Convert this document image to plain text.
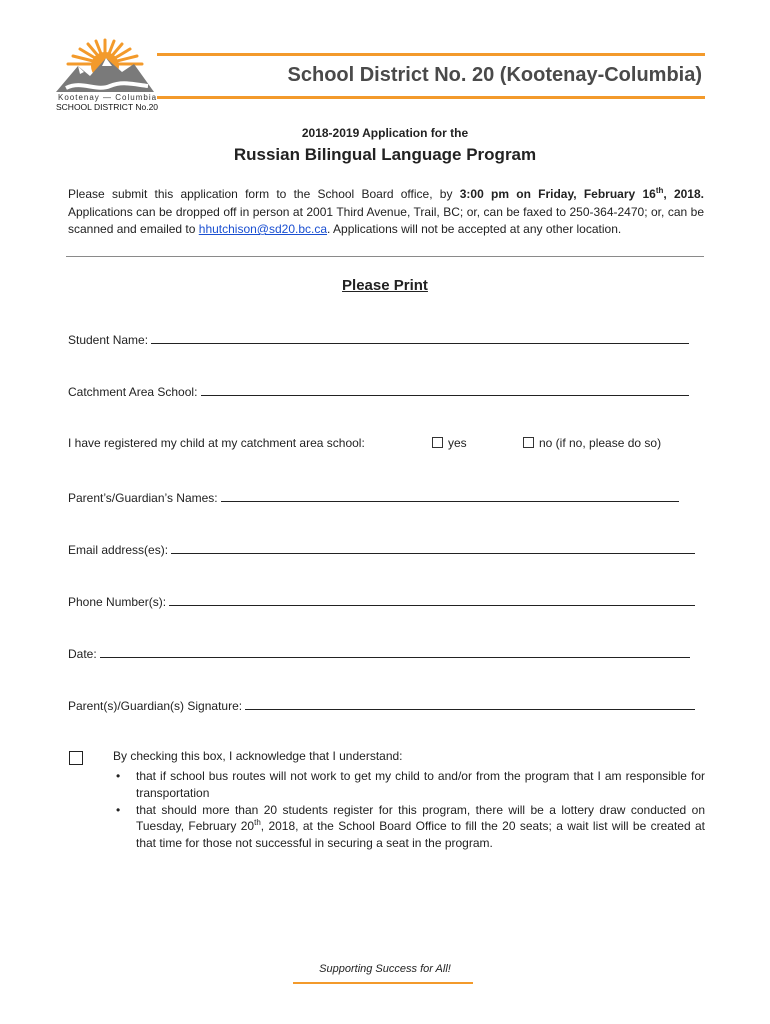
Kootenay — Columbia
SCHOOL DISTRICT No.20
School District No. 20 (Kootenay-Columbia)
2018-2019 Application for the
Russian Bilingual Language Program
Please submit this application form to the School Board office, by 3:00 pm on Friday, February 16th, 2018. Applications can be dropped off in person at 2001 Third Avenue, Trail, BC; or, can be faxed to 250-364-2470; or, can be scanned and emailed to hhutchison@sd20.bc.ca. Applications will not be accepted at any other location.
Please Print
Student Name:
Catchment Area School:
I have registered my child at my catchment area school:	yes	no (if no, please do so)
Parent’s/Guardian’s Names:
Email address(es):
Phone Number(s):
Date:
Parent(s)/Guardian(s) Signature:
By checking this box, I acknowledge that I understand:
• that if school bus routes will not work to get my child to and/or from the program that I am responsible for transportation
• that should more than 20 students register for this program, there will be a lottery draw conducted on Tuesday, February 20th, 2018, at the School Board Office to fill the 20 seats; a wait list will be created at that time for those not successful in securing a seat in the program.
Supporting Success for All!
